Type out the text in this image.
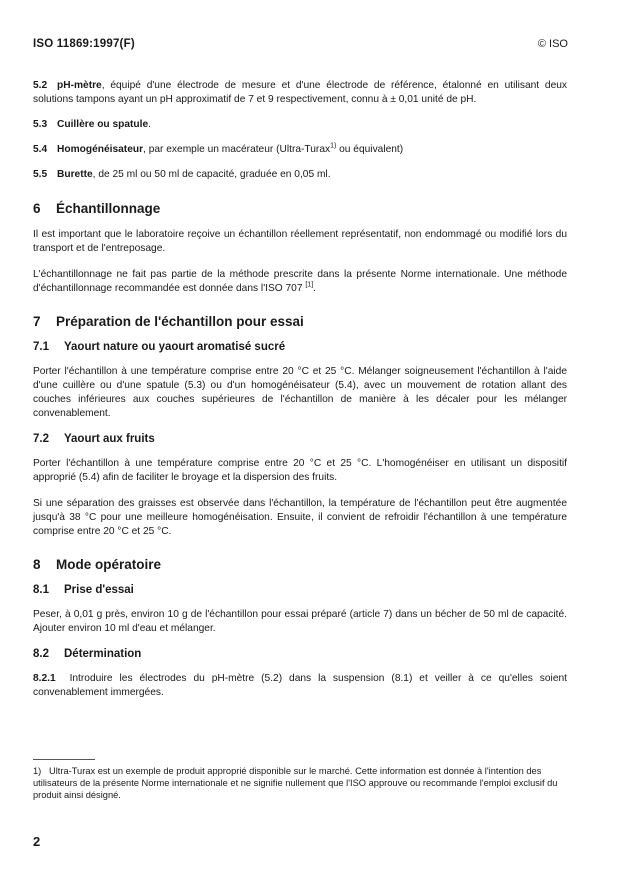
ISO 11869:1997(F)	© ISO

5.2 pH-mètre, équipé d'une électrode de mesure et d'une électrode de référence, étalonné en utilisant deux solutions tampons ayant un pH approximatif de 7 et 9 respectivement, connu à ± 0,01 unité de pH.

5.3 Cuillère ou spatule.

5.4 Homogénéisateur, par exemple un macérateur (Ultra-Turax$^{1)}$ ou équivalent)

5.5 Burette, de 25 ml ou 50 ml de capacité, graduée en 0,05 ml.

6 Échantillonnage

Il est important que le laboratoire reçoive un échantillon réellement représentatif, non endommagé ou modifié lors du transport et de l'entreposage.

L'échantillonnage ne fait pas partie de la méthode prescrite dans la présente Norme internationale. Une méthode d'échantillonnage recommandée est donnée dans l'ISO 707 [1].

7 Préparation de l'échantillon pour essai
7.1 Yaourt nature ou yaourt aromatisé sucré

Porter l'échantillon à une température comprise entre 20 °C et 25 °C. Mélanger soigneusement l'échantillon à l'aide d'une cuillère ou d'une spatule (5.3) ou d'un homogénéisateur (5.4), avec un mouvement de rotation allant des couches inférieures aux couches supérieures de l'échantillon de manière à les décaler pour les mélanger convenablement.

7.2 Yaourt aux fruits

Porter l'échantillon à une température comprise entre 20 °C et 25 °C. L'homogénéiser en utilisant un dispositif approprié (5.4) afin de faciliter le broyage et la dispersion des fruits.

Si une séparation des graisses est observée dans l'échantillon, la température de l'échantillon peut être augmentée jusqu'à 38 °C pour une meilleure homogénéisation. Ensuite, il convient de refroidir l'échantillon à une température comprise entre 20 °C et 25 °C.

8 Mode opératoire
8.1 Prise d'essai

Peser, à 0,01 g près, environ 10 g de l'échantillon pour essai préparé (article 7) dans un bécher de 50 ml de capacité. Ajouter environ 10 ml d'eau et mélanger.

8.2 Détermination

8.2.1 Introduire les électrodes du pH-mètre (5.2) dans la suspension (8.1) et veiller à ce qu'elles soient convenablement immergées.

1) Ultra-Turax est un exemple de produit approprié disponible sur le marché. Cette information est donnée à l'intention des utilisateurs de la présente Norme internationale et ne signifie nullement que l'ISO approuve ou recommande l'emploi exclusif du produit ainsi désigné.
2
